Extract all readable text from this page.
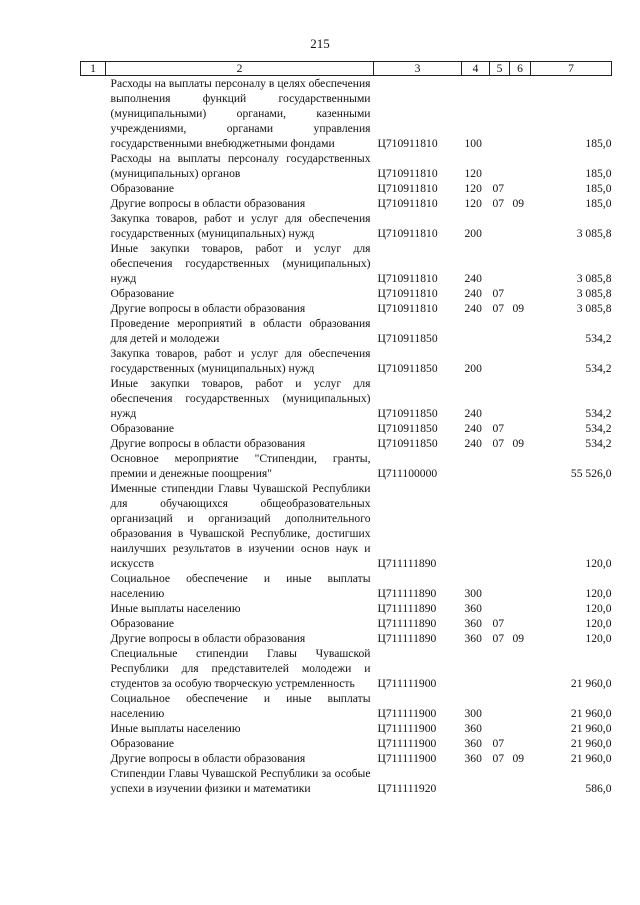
215
1	2	3	4	5	6	7
	Расходы на выплаты персоналу в целях обеспечения выполнения функций государственными (муниципальными) органами, казенными учреждениями, органами управления государственными внебюджетными фондами	Ц710911810	100			185,0
	Расходы на выплаты персоналу государственных (муниципальных) органов	Ц710911810	120			185,0
	Образование	Ц710911810	120	07		185,0
	Другие вопросы в области образования	Ц710911810	120	07	09	185,0
	Закупка товаров, работ и услуг для обеспечения государственных (муниципальных) нужд	Ц710911810	200			3 085,8
	Иные закупки товаров, работ и услуг для обеспечения государственных (муниципальных) нужд	Ц710911810	240			3 085,8
	Образование	Ц710911810	240	07		3 085,8
	Другие вопросы в области образования	Ц710911810	240	07	09	3 085,8
	Проведение мероприятий в области образования для детей и молодежи	Ц710911850				534,2
	Закупка товаров, работ и услуг для обеспечения государственных (муниципальных) нужд	Ц710911850	200			534,2
	Иные закупки товаров, работ и услуг для обеспечения государственных (муниципальных) нужд	Ц710911850	240			534,2
	Образование	Ц710911850	240	07		534,2
	Другие вопросы в области образования	Ц710911850	240	07	09	534,2
	Основное мероприятие "Стипендии, гранты, премии и денежные поощрения"	Ц711100000				55 526,0
	Именные стипендии Главы Чувашской Республики для обучающихся общеобразовательных организаций и организаций дополнительного образования в Чувашской Республике, достигших наилучших результатов в изучении основ наук и искусств	Ц711111890				120,0
	Социальное обеспечение и иные выплаты населению	Ц711111890	300			120,0
	Иные выплаты населению	Ц711111890	360			120,0
	Образование	Ц711111890	360	07		120,0
	Другие вопросы в области образования	Ц711111890	360	07	09	120,0
	Специальные стипендии Главы Чувашской Республики для представителей молодежи и студентов за особую творческую устремленность	Ц711111900				21 960,0
	Социальное обеспечение и иные выплаты населению	Ц711111900	300			21 960,0
	Иные выплаты населению	Ц711111900	360			21 960,0
	Образование	Ц711111900	360	07		21 960,0
	Другие вопросы в области образования	Ц711111900	360	07	09	21 960,0
	Стипендии Главы Чувашской Республики за особые успехи в изучении физики и математики	Ц711111920				586,0
